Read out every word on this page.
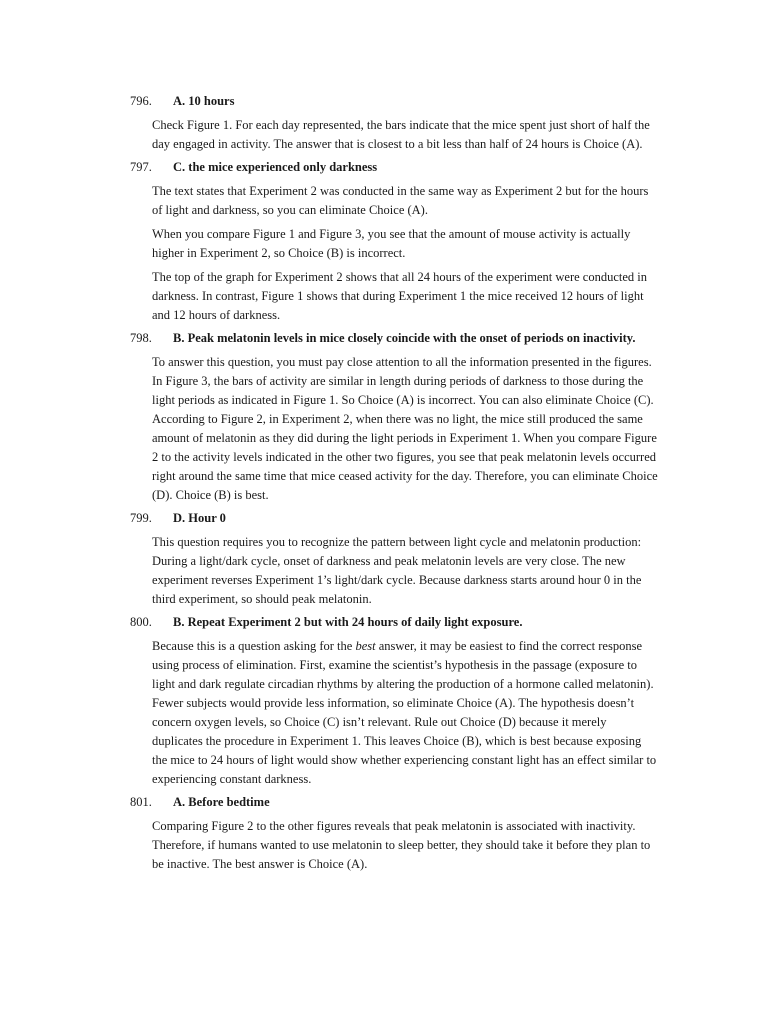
796.	A. 10 hours

Check Figure 1. For each day represented, the bars indicate that the mice spent just short of half the day engaged in activity. The answer that is closest to a bit less than half of 24 hours is Choice (A).

797.	C. the mice experienced only darkness

The text states that Experiment 2 was conducted in the same way as Experiment 2 but for the hours of light and darkness, so you can eliminate Choice (A).

When you compare Figure 1 and Figure 3, you see that the amount of mouse activity is actually higher in Experiment 2, so Choice (B) is incorrect.

The top of the graph for Experiment 2 shows that all 24 hours of the experiment were conducted in darkness. In contrast, Figure 1 shows that during Experiment 1 the mice received 12 hours of light and 12 hours of darkness.

798.	B. Peak melatonin levels in mice closely coincide with the onset of periods on inactivity.

To answer this question, you must pay close attention to all the information presented in the figures. In Figure 3, the bars of activity are similar in length during periods of darkness to those during the light periods as indicated in Figure 1. So Choice (A) is incorrect. You can also eliminate Choice (C). According to Figure 2, in Experiment 2, when there was no light, the mice still produced the same amount of melatonin as they did during the light periods in Experiment 1. When you compare Figure 2 to the activity levels indicated in the other two figures, you see that peak melatonin levels occurred right around the same time that mice ceased activity for the day. Therefore, you can eliminate Choice (D). Choice (B) is best.

799.	D. Hour 0

This question requires you to recognize the pattern between light cycle and melatonin production: During a light/dark cycle, onset of darkness and peak melatonin levels are very close. The new experiment reverses Experiment 1’s light/dark cycle. Because darkness starts around hour 0 in the third experiment, so should peak melatonin.

800.	B. Repeat Experiment 2 but with 24 hours of daily light exposure.

Because this is a question asking for the best answer, it may be easiest to find the correct response using process of elimination. First, examine the scientist’s hypothesis in the passage (exposure to light and dark regulate circadian rhythms by altering the production of a hormone called melatonin). Fewer subjects would provide less information, so eliminate Choice (A). The hypothesis doesn’t concern oxygen levels, so Choice (C) isn’t relevant. Rule out Choice (D) because it merely duplicates the procedure in Experiment 1. This leaves Choice (B), which is best because exposing the mice to 24 hours of light would show whether experiencing constant light has an effect similar to experiencing constant darkness.

801.	A. Before bedtime

Comparing Figure 2 to the other figures reveals that peak melatonin is associated with inactivity. Therefore, if humans wanted to use melatonin to sleep better, they should take it before they plan to be inactive. The best answer is Choice (A).
